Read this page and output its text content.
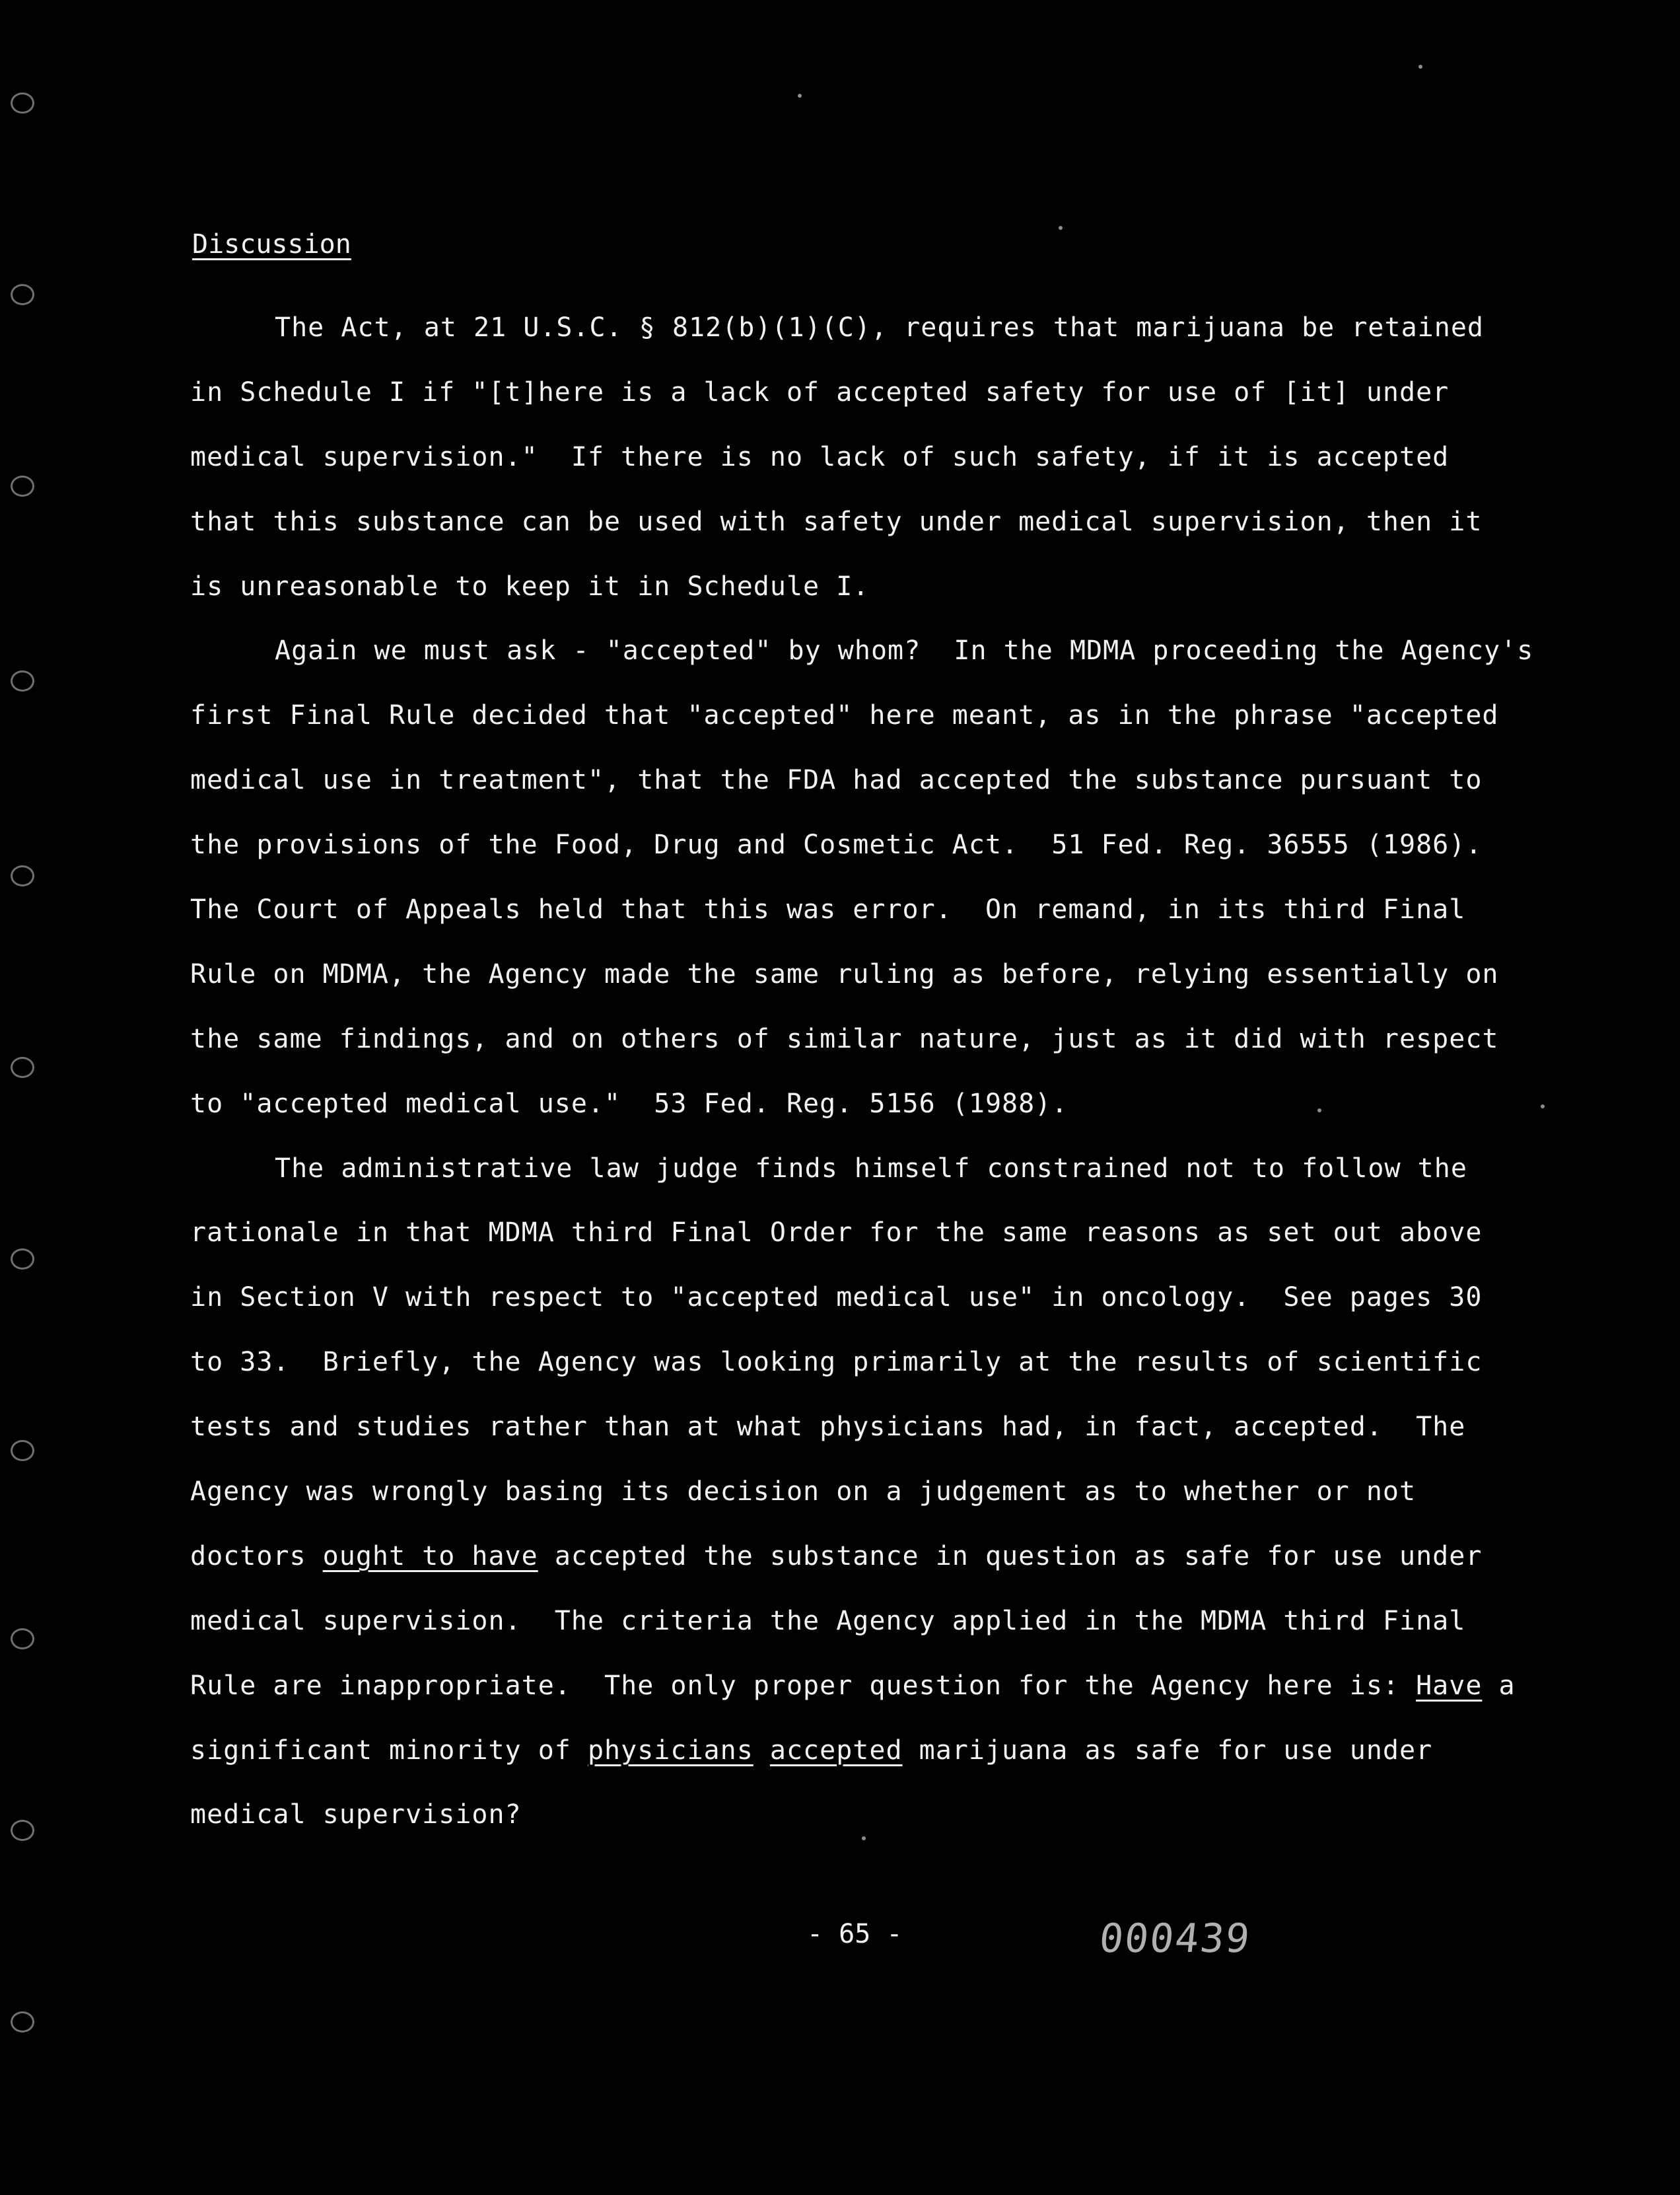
Discussion
The Act, at 21 U.S.C. § 812(b)(1)(C), requires that marijuana be retained
in Schedule I if "[t]here is a lack of accepted safety for use of [it] under
medical supervision."  If there is no lack of such safety, if it is accepted
that this substance can be used with safety under medical supervision, then it
is unreasonable to keep it in Schedule I.
Again we must ask - "accepted" by whom?  In the MDMA proceeding the Agency's
first Final Rule decided that "accepted" here meant, as in the phrase "accepted
medical use in treatment", that the FDA had accepted the substance pursuant to
the provisions of the Food, Drug and Cosmetic Act.  51 Fed. Reg. 36555 (1986).
The Court of Appeals held that this was error.  On remand, in its third Final
Rule on MDMA, the Agency made the same ruling as before, relying essentially on
the same findings, and on others of similar nature, just as it did with respect
to "accepted medical use."  53 Fed. Reg. 5156 (1988).
The administrative law judge finds himself constrained not to follow the
rationale in that MDMA third Final Order for the same reasons as set out above
in Section V with respect to "accepted medical use" in oncology.  See pages 30
to 33.  Briefly, the Agency was looking primarily at the results of scientific
tests and studies rather than at what physicians had, in fact, accepted.  The
Agency was wrongly basing its decision on a judgement as to whether or not
doctors ought to have accepted the substance in question as safe for use under
medical supervision.  The criteria the Agency applied in the MDMA third Final
Rule are inappropriate.  The only proper question for the Agency here is: Have a
significant minority of physicians accepted marijuana as safe for use under
medical supervision?
- 65 -	000439
